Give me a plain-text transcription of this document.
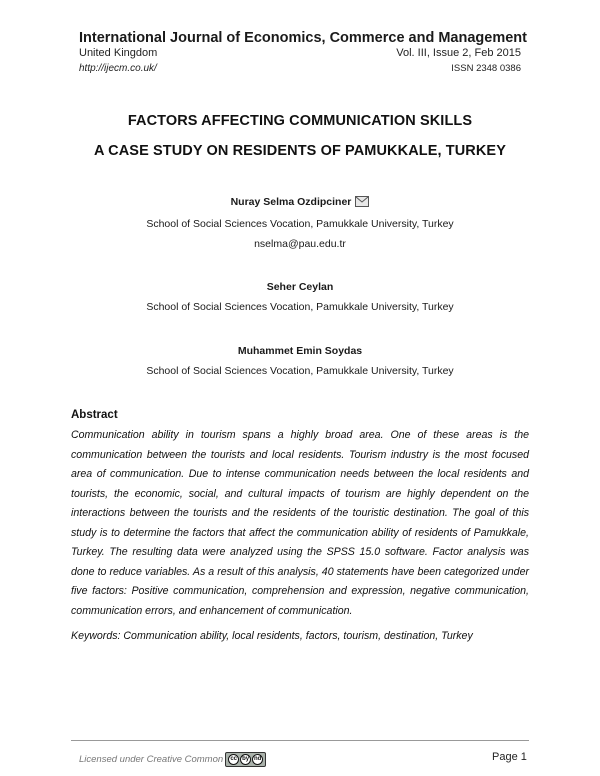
International Journal of Economics, Commerce and Management
United Kingdom	Vol. III, Issue 2, Feb 2015
http://ijecm.co.uk/	ISSN 2348 0386
FACTORS AFFECTING COMMUNICATION SKILLS
A CASE STUDY ON RESIDENTS OF PAMUKKALE, TURKEY
Nuray Selma Ozdipciner
School of Social Sciences Vocation, Pamukkale University, Turkey
nselma@pau.edu.tr
Seher Ceylan
School of Social Sciences Vocation, Pamukkale University, Turkey
Muhammet Emin Soydas
School of Social Sciences Vocation, Pamukkale University, Turkey
Abstract
Communication ability in tourism spans a highly broad area. One of these areas is the communication between the tourists and local residents. Tourism industry is the most focused area of communication. Due to intense communication needs between the local residents and tourists, the economic, social, and cultural impacts of tourism are highly dependent on the interactions between the tourists and the residents of the touristic destination. The goal of this study is to determine the factors that affect the communication ability of residents of Pamukkale, Turkey. The resulting data were analyzed using the SPSS 15.0 software. Factor analysis was done to reduce variables. As a result of this analysis, 40 statements have been categorized under five factors: Positive communication, comprehension and expression, negative communication, communication errors, and enhancement of communication.
Keywords: Communication ability, local residents, factors, tourism, destination, Turkey
Licensed under Creative Common	cc by nd	Page 1
